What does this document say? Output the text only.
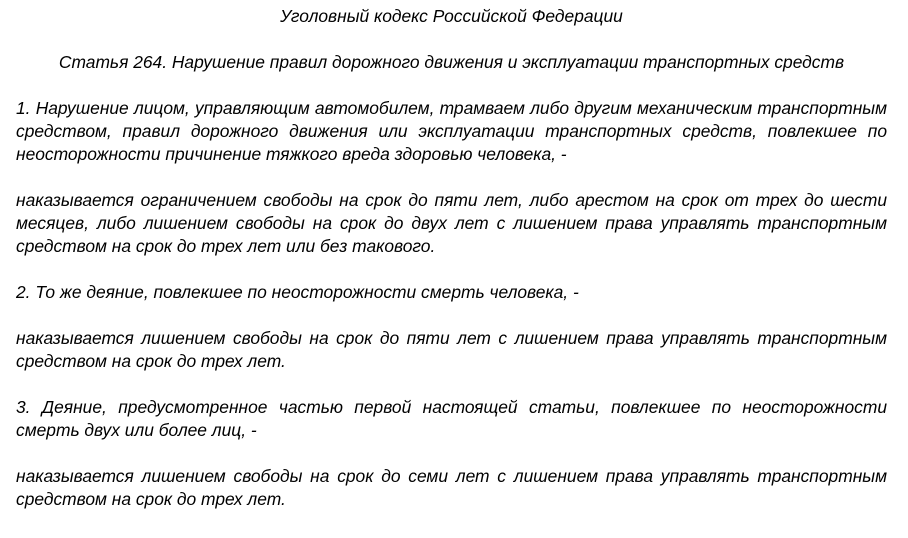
Уголовный кодекс Российской Федерации
Статья 264. Нарушение правил дорожного движения и эксплуатации транспортных средств

1. Нарушение лицом, управляющим автомобилем, трамваем либо другим механическим транспортным средством, правил дорожного движения или эксплуатации транспортных средств, повлекшее по неосторожности причинение тяжкого вреда здоровью человека, -

наказывается ограничением свободы на срок до пяти лет, либо арестом на срок от трех до шести месяцев, либо лишением свободы на срок до двух лет с лишением права управлять транспортным средством на срок до трех лет или без такового.

2. То же деяние, повлекшее по неосторожности смерть человека, -

наказывается лишением свободы на срок до пяти лет с лишением права управлять транспортным средством на срок до трех лет.

3. Деяние, предусмотренное частью первой настоящей статьи, повлекшее по неосторожности смерть двух или более лиц, -

наказывается лишением свободы на срок до семи лет с лишением права управлять транспортным средством на срок до трех лет.
